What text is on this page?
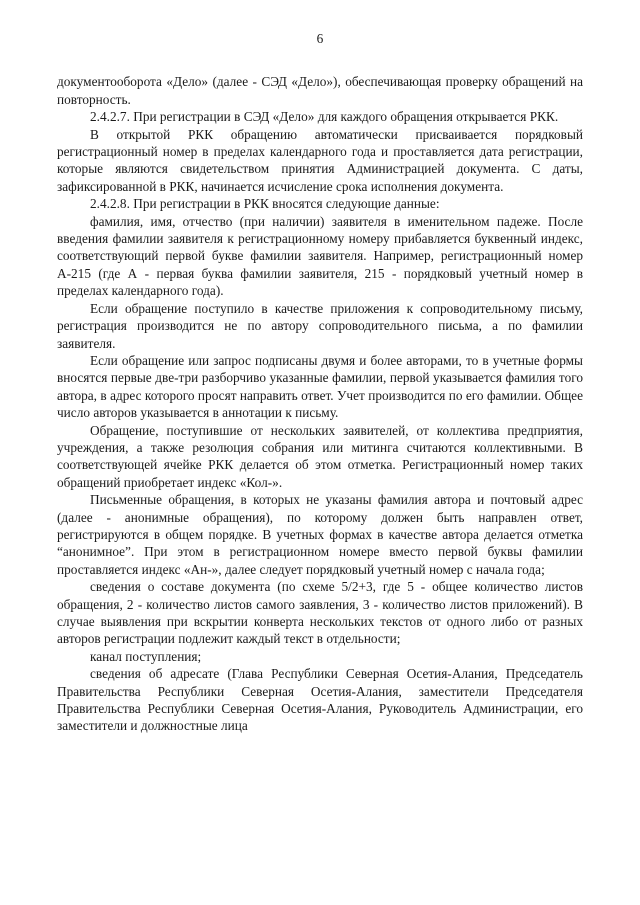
6

документооборота «Дело» (далее - СЭД «Дело»), обеспечивающая проверку обращений на повторность.

2.4.2.7. При регистрации в СЭД «Дело» для каждого обращения открывается РКК.

В открытой РКК обращению автоматически присваивается порядковый регистрационный номер в пределах календарного года и проставляется дата регистрации, которые являются свидетельством принятия Администрацией документа. С даты, зафиксированной в РКК, начинается исчисление срока исполнения документа.

2.4.2.8. При регистрации в РКК вносятся следующие данные:

фамилия, имя, отчество (при наличии) заявителя в именительном падеже. После введения фамилии заявителя к регистрационному номеру прибавляется буквенный индекс, соответствующий первой букве фамилии заявителя. Например, регистрационный номер А-215 (где А - первая буква фамилии заявителя, 215 - порядковый учетный номер в пределах календарного года).

Если обращение поступило в качестве приложения к сопроводительному письму, регистрация производится не по автору сопроводительного письма, а по фамилии заявителя.

Если обращение или запрос подписаны двумя и более авторами, то в учетные формы вносятся первые две-три разборчиво указанные фамилии, первой указывается фамилия того автора, в адрес которого просят направить ответ. Учет производится по его фамилии. Общее число авторов указывается в аннотации к письму.

Обращение, поступившие от нескольких заявителей, от коллектива предприятия, учреждения, а также резолюция собрания или митинга считаются коллективными. В соответствующей ячейке РКК делается об этом отметка. Регистрационный номер таких обращений приобретает индекс «Кол-».

Письменные обращения, в которых не указаны фамилия автора и почтовый адрес (далее - анонимные обращения), по которому должен быть направлен ответ, регистрируются в общем порядке. В учетных формах в качестве автора делается отметка “анонимное”. При этом в регистрационном номере вместо первой буквы фамилии проставляется индекс «Ан-», далее следует порядковый учетный номер с начала года;

сведения о составе документа (по схеме 5/2+3, где 5 - общее количество листов обращения, 2 - количество листов самого заявления, 3 - количество листов приложений). В случае выявления при вскрытии конверта нескольких текстов от одного либо от разных авторов регистрации подлежит каждый текст в отдельности;

канал поступления;

сведения об адресате (Глава Республики Северная Осетия-Алания, Председатель Правительства Республики Северная Осетия-Алания, заместители Председателя Правительства Республики Северная Осетия-Алания, Руководитель Администрации, его заместители и должностные лица
